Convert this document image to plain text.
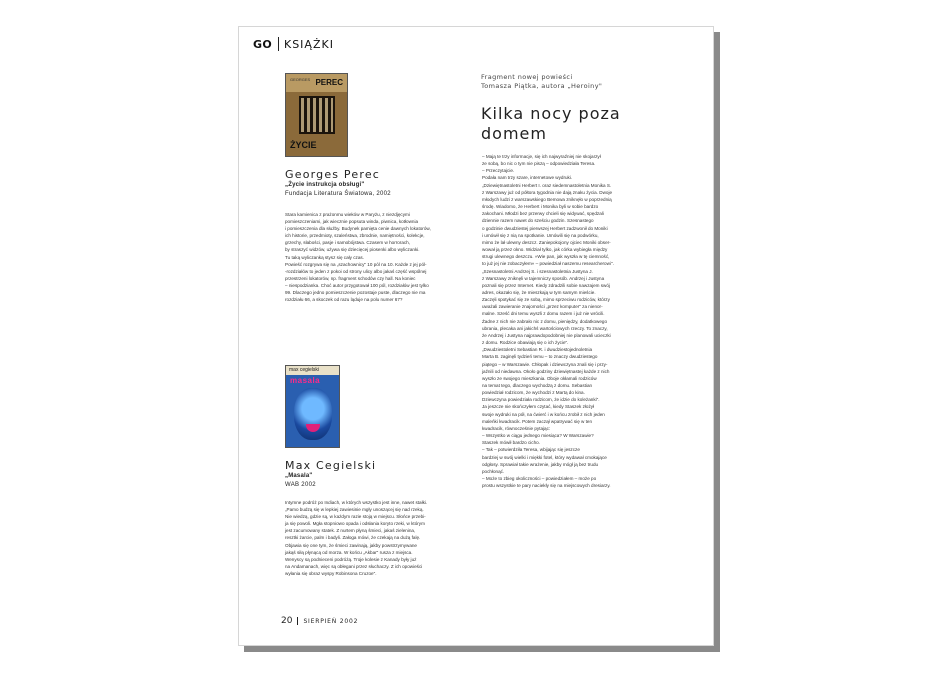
GO KSIĄŻKI
GEORGES PEREC
ŻYCIE
Georges Perec
„Życie instrukcja obsługi"
Fundacja Literatura Światowa, 2002

Stara kamienica z prażonmu wieków w Paryżu, z niezdjęcymi

pomieszczeniami, jak wiecznie popsuta winda, piwnica, kotłownia

i pomieszczenia dla służby. Budynek pamięta cenie dawnych lokatorów,

ich historie, przedmioty, szaleństwa, zbrodnie, namiętności, kolekcje,

grzechy, słabości, pasje i samobójstwa. Czasem w horrorach,

by straszyć widzów, używa się dziecięcej piosenki albo wyliczanki.

Tu taką wyliczanką stysz się cały czas.

Powieść rozgrywa się na „szachownicy" 10 pól na 10. Każde z jej pól-

-rozdziałów to jeden z pokoi od strony ulicy albo jakaś część wspólnej

przestrzeni lokatorów, np. fragment schodów czy hall. Na koniec

– niespodzianka. Choć autor przygotował 100 pól, rozdziałów jest tylko

99. Dlaczego jedno pomieszczenie pozostaje puste, dlaczego nie ma

rozdziału 66, a skoczek od razu ląduje na polu numer 67?

max cegielski
masala
Max Cegielski
„Masala"
WAB 2002

Intymne podróż po Indiach, w których wszystko jest inne, nawet stałki.

„Pamo budzą się w lepkiej zawiesinie mgły unoszącej się nad rzeką.

Nie wiedzą, gdzie są, w każdym razie stoją w miejscu. Słońce przebi-

ja się powoli. Mgła stopniowo opada i odsłania koryto rzeki, w którym

jest zacumowany statek. Z nurtem płyną śmieci, jakaś zielenina,

resztki żarcie, palm i badyli. Załoga mówi, że czekają na dużą falę.

Objawia się one tym, że śmieci zawinają, jakby powstrzymywane

jakąś siłą płynącą od morza. W końcu „Akbar" rusza z miejsca.

Wenyscy są podnieceni podróżą. Troje kolesie z Kanady były już

na Andamanach, więc są obłegani przez słuchaczy. Z ich opowieści

wyłania się obraz wyspy Robinsona Cruzoe".

Fragment nowej powieści

Tomasza Piątka, autora „Heroiny"

Kilka nocy poza

domem

– Mają te trzy informacje, się ich najwyraźniej nie skojarzył

ze sobą, bo nic o tym nie piszą – odpowiedziała Teresa.

– Przeczytajcie.

Podała nam trzy szare, internetowe wydruki.

„Dziewiętnastoletni Herbert I. oraz siedemnastoletnia Monika S.

z Warszawy już od półtora tygodnia nie dają znaku życia. Dwoje

młodych ludzi z warszawskiego Bemowa zniknęło w poprzednią

środę. Wiadomo, że Herbert i Monika byli w sobie bardzo

zakochani. Młodzi bez przerwy chcieli się widywać, spędzali

dziennie razem nawet do sześciu godzin. Szesnastego

o godzinie dwudziestej pierwszej Herbert zadzwonił do Moniki

i umówił się z nią na spotkanie. Umówili się na podwórku,

mimo że lał ulewny deszcz. Zaniepokojony ojciec Moniki obser-

wował ją przez okno. Widział tylko, jak córka wybiegła między

strugi ulewnego deszczu. »Wie pan, jak wyszła w tę ciemność,

to już jej nie zobaczyłem« – powiedział naszemu researcherowi".

„Szesnastoletni Andrzej S. i szesnastoletnia Justyna J.

z Warszawy zniknęli w tajemniczy sposób. Andrzej i Justyna

poznali się przez Internet. Kiedy zdradzili sobie nawzajem swój

adres, okazało się, że mieszkają w tym samym mieście.

Zaczęli spotykać się ze sobą, mimo sprzeciwu rodziców, którzy

uważali zawieranie znajomości „przez komputer" za nienor-

malne. Sześć dni temu wyszli z domu razem i już nie wrócili.

Żadne z nich nie zabrało nic z domu, pieniędzy, dodatkowego

ubrania, plecaka ani jakichś wartościowych rzeczy. To znaczy,

że Andrzej i Justyna najprawdopodobniej nie planowali ucieczki

z domu. Rodzice obawiają się o ich życie".

„Dwudziestoletni Sebastian R. i dwudziestojednoletnia

Marta B. zaginęli tydzień temu – to znaczy dwudziestego

piątego – w Warszawie. Chłopak i dziewczyna znali się i przy-

jaźnili od niedawna. Około godziny dziewiętnastej każde z nich

wyszło ze swojego mieszkania. Oboje okłamali rodziców

na temat tego, dlaczego wychodzą z domu. Sebastian

powiedział rodzicom, że wychodzi z Martą do kina.

Dziewczyna powiedziała rodzicom, że idzie do koleżanki".

Ja jeszcze nie skończyłem czytać, kiedy Staszek złożył

swoje wydruki na pół, na ćwierć i w końcu zrobił z nich jeden

maleńki kwadracik. Potem zaczął wpatrywać się w ten

kwadracik, równocześnie pytając:

– Wszystko w ciągu jednego miesiąca? W Warszawie?

Staszek mówił bardzo cicho.

– Tak – potwierdziła Teresa, wbijając się jeszcze

bardziej w swój wielki i miękki fotel, który wydawał cmokające

odgłosy. Sprawiał takie wrażenie, jakby mógł ją bez trudu

pochłonąć.

– Może to zbieg okoliczności – powiedziałem – może po

prostu wszystkie te pary naciekły się na miejscowych dresiarzy.

20 SIERPIEŃ 2002
